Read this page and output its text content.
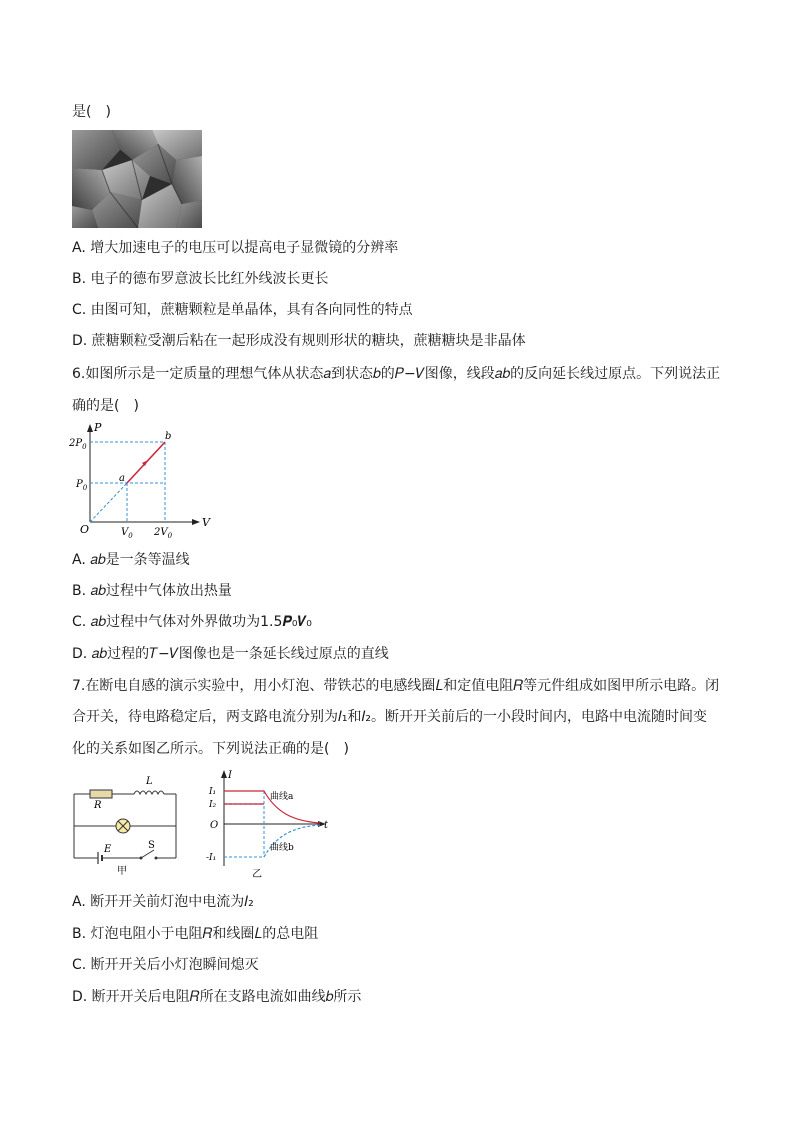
是(  )
A. 增大加速电子的电压可以提高电子显微镜的分辨率
B. 电子的德布罗意波长比红外线波长更长
C. 由图可知，蔗糖颗粒是单晶体，具有各向同性的特点
D. 蔗糖颗粒受潮后粘在一起形成没有规则形状的糖块，蔗糖糖块是非晶体
6.如图所示是一定质量的理想气体从状态𝑎到状态𝑏的𝑃−𝑉图像，线段𝑎𝑏的反向延长线过原点。下列说法正
确的是(  )
P
V
O
$2P_0$
$P_0$
$V_0$ $2V_0$
a
b
A. 𝑎𝑏是一条等温线
B. 𝑎𝑏过程中气体放出热量
C. 𝑎𝑏过程中气体对外界做功为1.5𝑷₀𝑽₀
D. 𝑎𝑏过程的𝑇−𝑉图像也是一条延长线过原点的直线
7.在断电自感的演示实验中，用小灯泡、带铁芯的电感线圈𝐿和定值电阻𝑅等元件组成如图甲所示电路。闭
合开关，待电路稳定后，两支路电流分别为𝐼₁和𝐼₂。断开开关前后的一小段时间内，电路中电流随时间变
化的关系如图乙所示。下列说法正确的是(  )
R
L
E	S
甲
I
t
O
I₁
I₂
-I₁
曲线a
曲线b
乙
A. 断开开关前灯泡中电流为𝐼₂
B. 灯泡电阻小于电阻𝑅和线圈𝐿的总电阻
C. 断开开关后小灯泡瞬间熄灭
D. 断开开关后电阻𝑅所在支路电流如曲线𝑏所示
